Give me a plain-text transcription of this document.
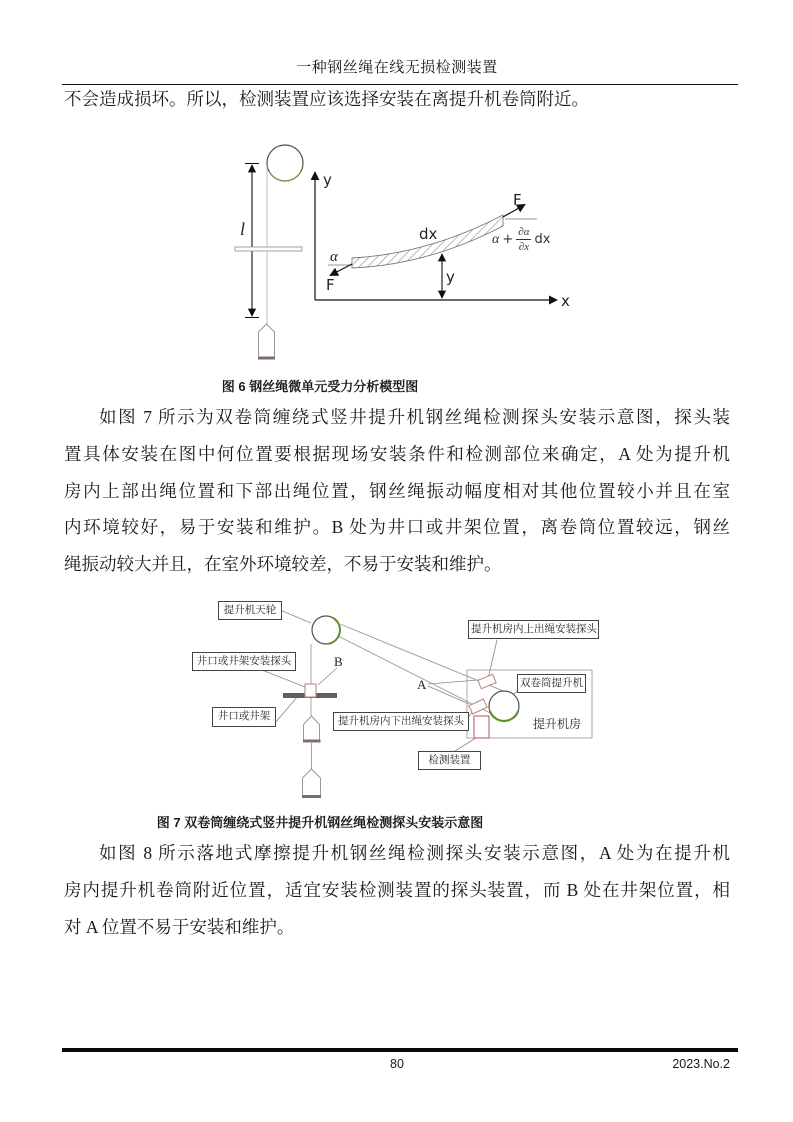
一种钢丝绳在线无损检测装置
不会造成损坏。所以，检测装置应该选择安装在离提升机卷筒附近。
l
y
x
dx
F
F
α
y
$\alpha + \frac{\partial\alpha}{\partial x}$ dx
图 6 钢丝绳微单元受力分析模型图
如图 7 所示为双卷筒缠绕式竖井提升机钢丝绳检测探头安装示意图，探头装
置具体安装在图中何位置要根据现场安装条件和检测部位来确定，A 处为提升机
房内上部出绳位置和下部出绳位置，钢丝绳振动幅度相对其他位置较小并且在室
内环境较好，易于安装和维护。B 处为井口或井架位置，离卷筒位置较远，钢丝
绳振动较大并且，在室外环境较差，不易于安装和维护。
提升机天轮
井口或井架安装探头	B
井口或井架
提升机房内上出绳安装探头
提升机房内下出绳安装探头
双卷筒提升机
提升机房
检测装置
A
图 7 双卷筒缠绕式竖井提升机钢丝绳检测探头安装示意图
如图 8 所示落地式摩擦提升机钢丝绳检测探头安装示意图，A 处为在提升机
房内提升机卷筒附近位置，适宜安装检测装置的探头装置，而 B 处在井架位置，相
对 A 位置不易于安装和维护。
80	2023.No.2
